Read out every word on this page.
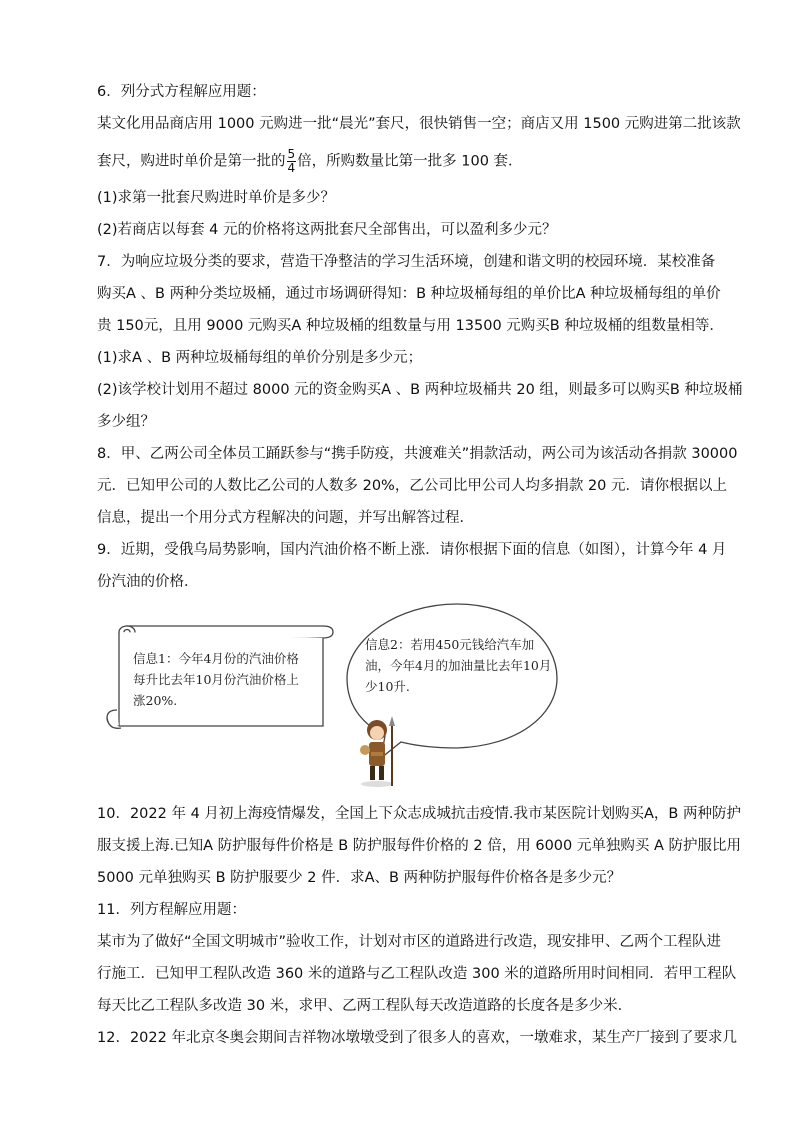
6．列分式方程解应用题：
某文化用品商店用 1000 元购进一批“晨光”套尺，很快销售一空；商店又用 1500 元购进第二批该款
套尺，购进时单价是第一批的 $\frac{5}{4}$ 倍，所购数量比第一批多 100 套．
(1)求第一批套尺购进时单价是多少？
(2)若商店以每套 4 元的价格将这两批套尺全部售出，可以盈利多少元？
7．为响应垃圾分类的要求，营造干净整洁的学习生活环境，创建和谐文明的校园环境．某校准备
购买A 、B 两种分类垃圾桶，通过市场调研得知：B 种垃圾桶每组的单价比A 种垃圾桶每组的单价
贵 150元，且用 9000 元购买A 种垃圾桶的组数量与用 13500 元购买B 种垃圾桶的组数量相等．
(1)求A 、B 两种垃圾桶每组的单价分别是多少元；
(2)该学校计划用不超过 8000 元的资金购买A 、B 两种垃圾桶共 20 组，则最多可以购买B 种垃圾桶
多少组？
8．甲、乙两公司全体员工踊跃参与“携手防疫，共渡难关”捐款活动，两公司为该活动各捐款 30000
元．已知甲公司的人数比乙公司的人数多 20%，乙公司比甲公司人均多捐款 20 元．请你根据以上
信息，提出一个用分式方程解决的问题，并写出解答过程．
9．近期，受俄乌局势影响，国内汽油价格不断上涨．请你根据下面的信息（如图），计算今年 4 月
份汽油的价格．
信息1：今年4月份的汽油价格
每升比去年10月份汽油价格上
涨20%.
信息2：若用450元钱给汽车加
油，今年4月的加油量比去年10月
少10升.
10．2022 年 4 月初上海疫情爆发，全国上下众志成城抗击疫情.我市某医院计划购买A，B 两种防护
服支援上海.已知A 防护服每件价格是 B 防护服每件价格的 2 倍，用 6000 元单独购买 A 防护服比用
5000 元单独购买 B 防护服要少 2 件．求A、B 两种防护服每件价格各是多少元？
11．列方程解应用题：
某市为了做好“全国文明城市”验收工作，计划对市区的道路进行改造，现安排甲、乙两个工程队进
行施工．已知甲工程队改造 360 米的道路与乙工程队改造 300 米的道路所用时间相同．若甲工程队
每天比乙工程队多改造 30 米，求甲、乙两工程队每天改造道路的长度各是多少米．
12．2022 年北京冬奥会期间吉祥物冰墩墩受到了很多人的喜欢，一墩难求，某生产厂接到了要求几
